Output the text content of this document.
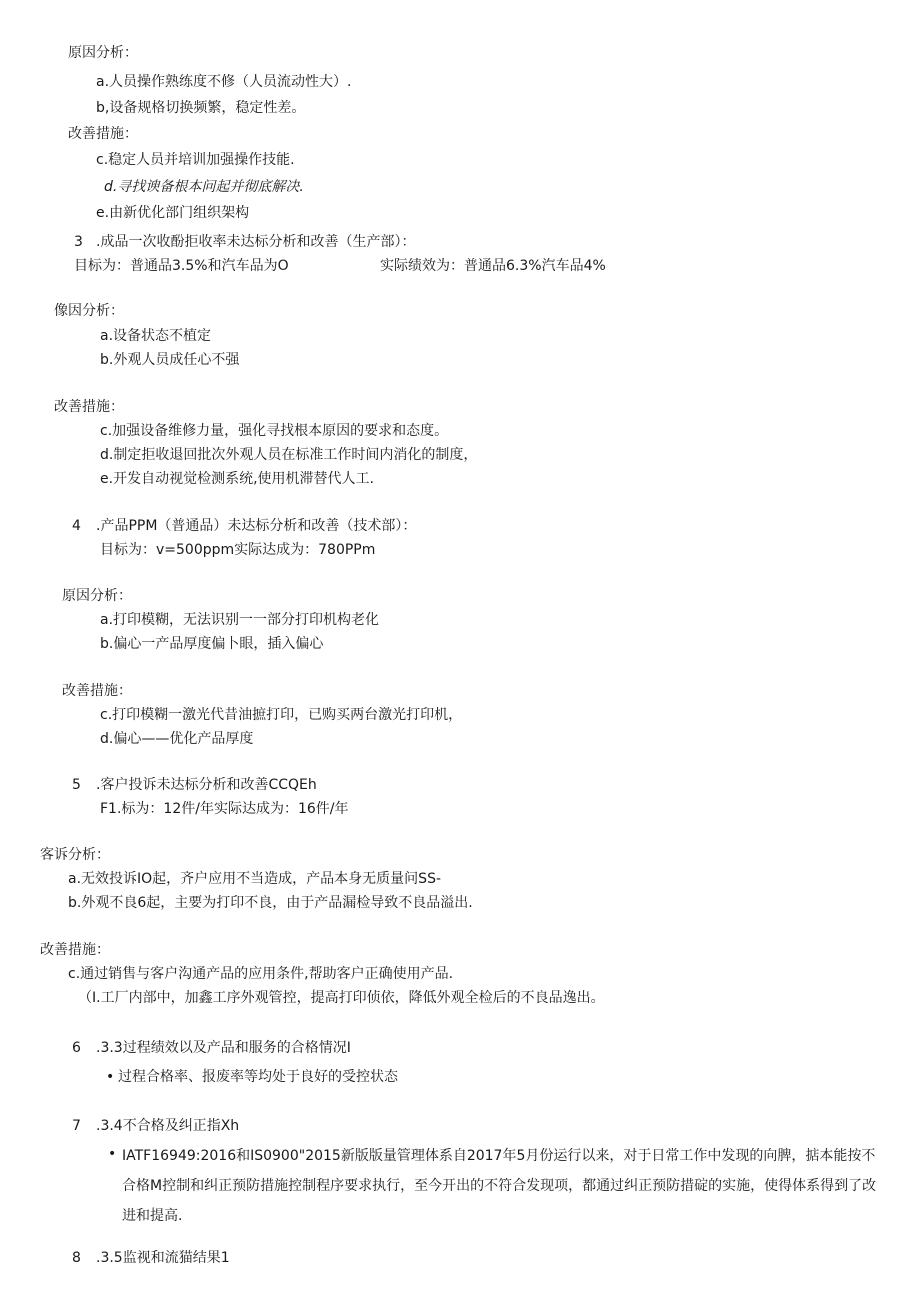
原因分析：
a.人员操作熟练度不修（人员流动性大）.
b,设备规格切换频繁，稳定性差。
改善措施：
c.稳定人员并培训加强操作技能.
d.寻找谀备根本问起并彻底解决.
e.由新优化部门组织架构
3 .成品一次收酚拒收率未达标分析和改善（生产部）：
目标为：普通品3.5%和汽车品为O	实际绩效为：普通品6.3%汽车品4%
像因分析：
a.设备状态不植定
b.外观人员成任心不强
改善措施：
c.加强设备维修力量，强化寻找根本原因的要求和态度。
d.制定拒收退回批次外观人员在标准工作时间内消化的制度，
e.开发自动视觉检测系统,使用机滞替代人工.
4 .产品PPM（普通品）未达标分析和改善（技术部）：
目标为：v=500ppm实际达成为：780PPm
原因分析：
a.打印模糊，无法识别一一部分打印机构老化
b.偏心一产品厚度偏卜眼，插入偏心
改善措施：
c.打印模糊一激光代昔油摭打印，已购买两台激光打印机，
d.偏心——优化产品厚度
5 .客户投诉未达标分析和改善CCQEh
F1.标为：12件/年实际达成为：16件/年
客诉分析：
a.无效投诉IO起，齐户应用不当造成，产品本身无质量问SS-
b.外观不良6起，主要为打印不良，由于产品漏检导致不良品溢出.
改善措施：
c.通过销售与客户沟通产品的应用条件,帮助客户正确使用产品.
（I.工厂内部中，加鑫工序外观管控，提高打印侦依，降低外观全检后的不良品逸出。
6 .3.3过程绩效以及产品和服务的合格情况I
• 过程合格率、报废率等均处于良好的受控状态
7 .3.4不合格及纠正指Xh
• IATF16949:2016和IS0900"2015新版版量管理体系自2017年5月份运行以来，对于日常工作中发现的向脾，掂本能按不合格M控制和纠正预防措施控制程序要求执行，至今开出的不符合发现项，都通过纠正预防措碇的实施，使得体系得到了改进和提高.
8 .3.5监视和流猫结果1
